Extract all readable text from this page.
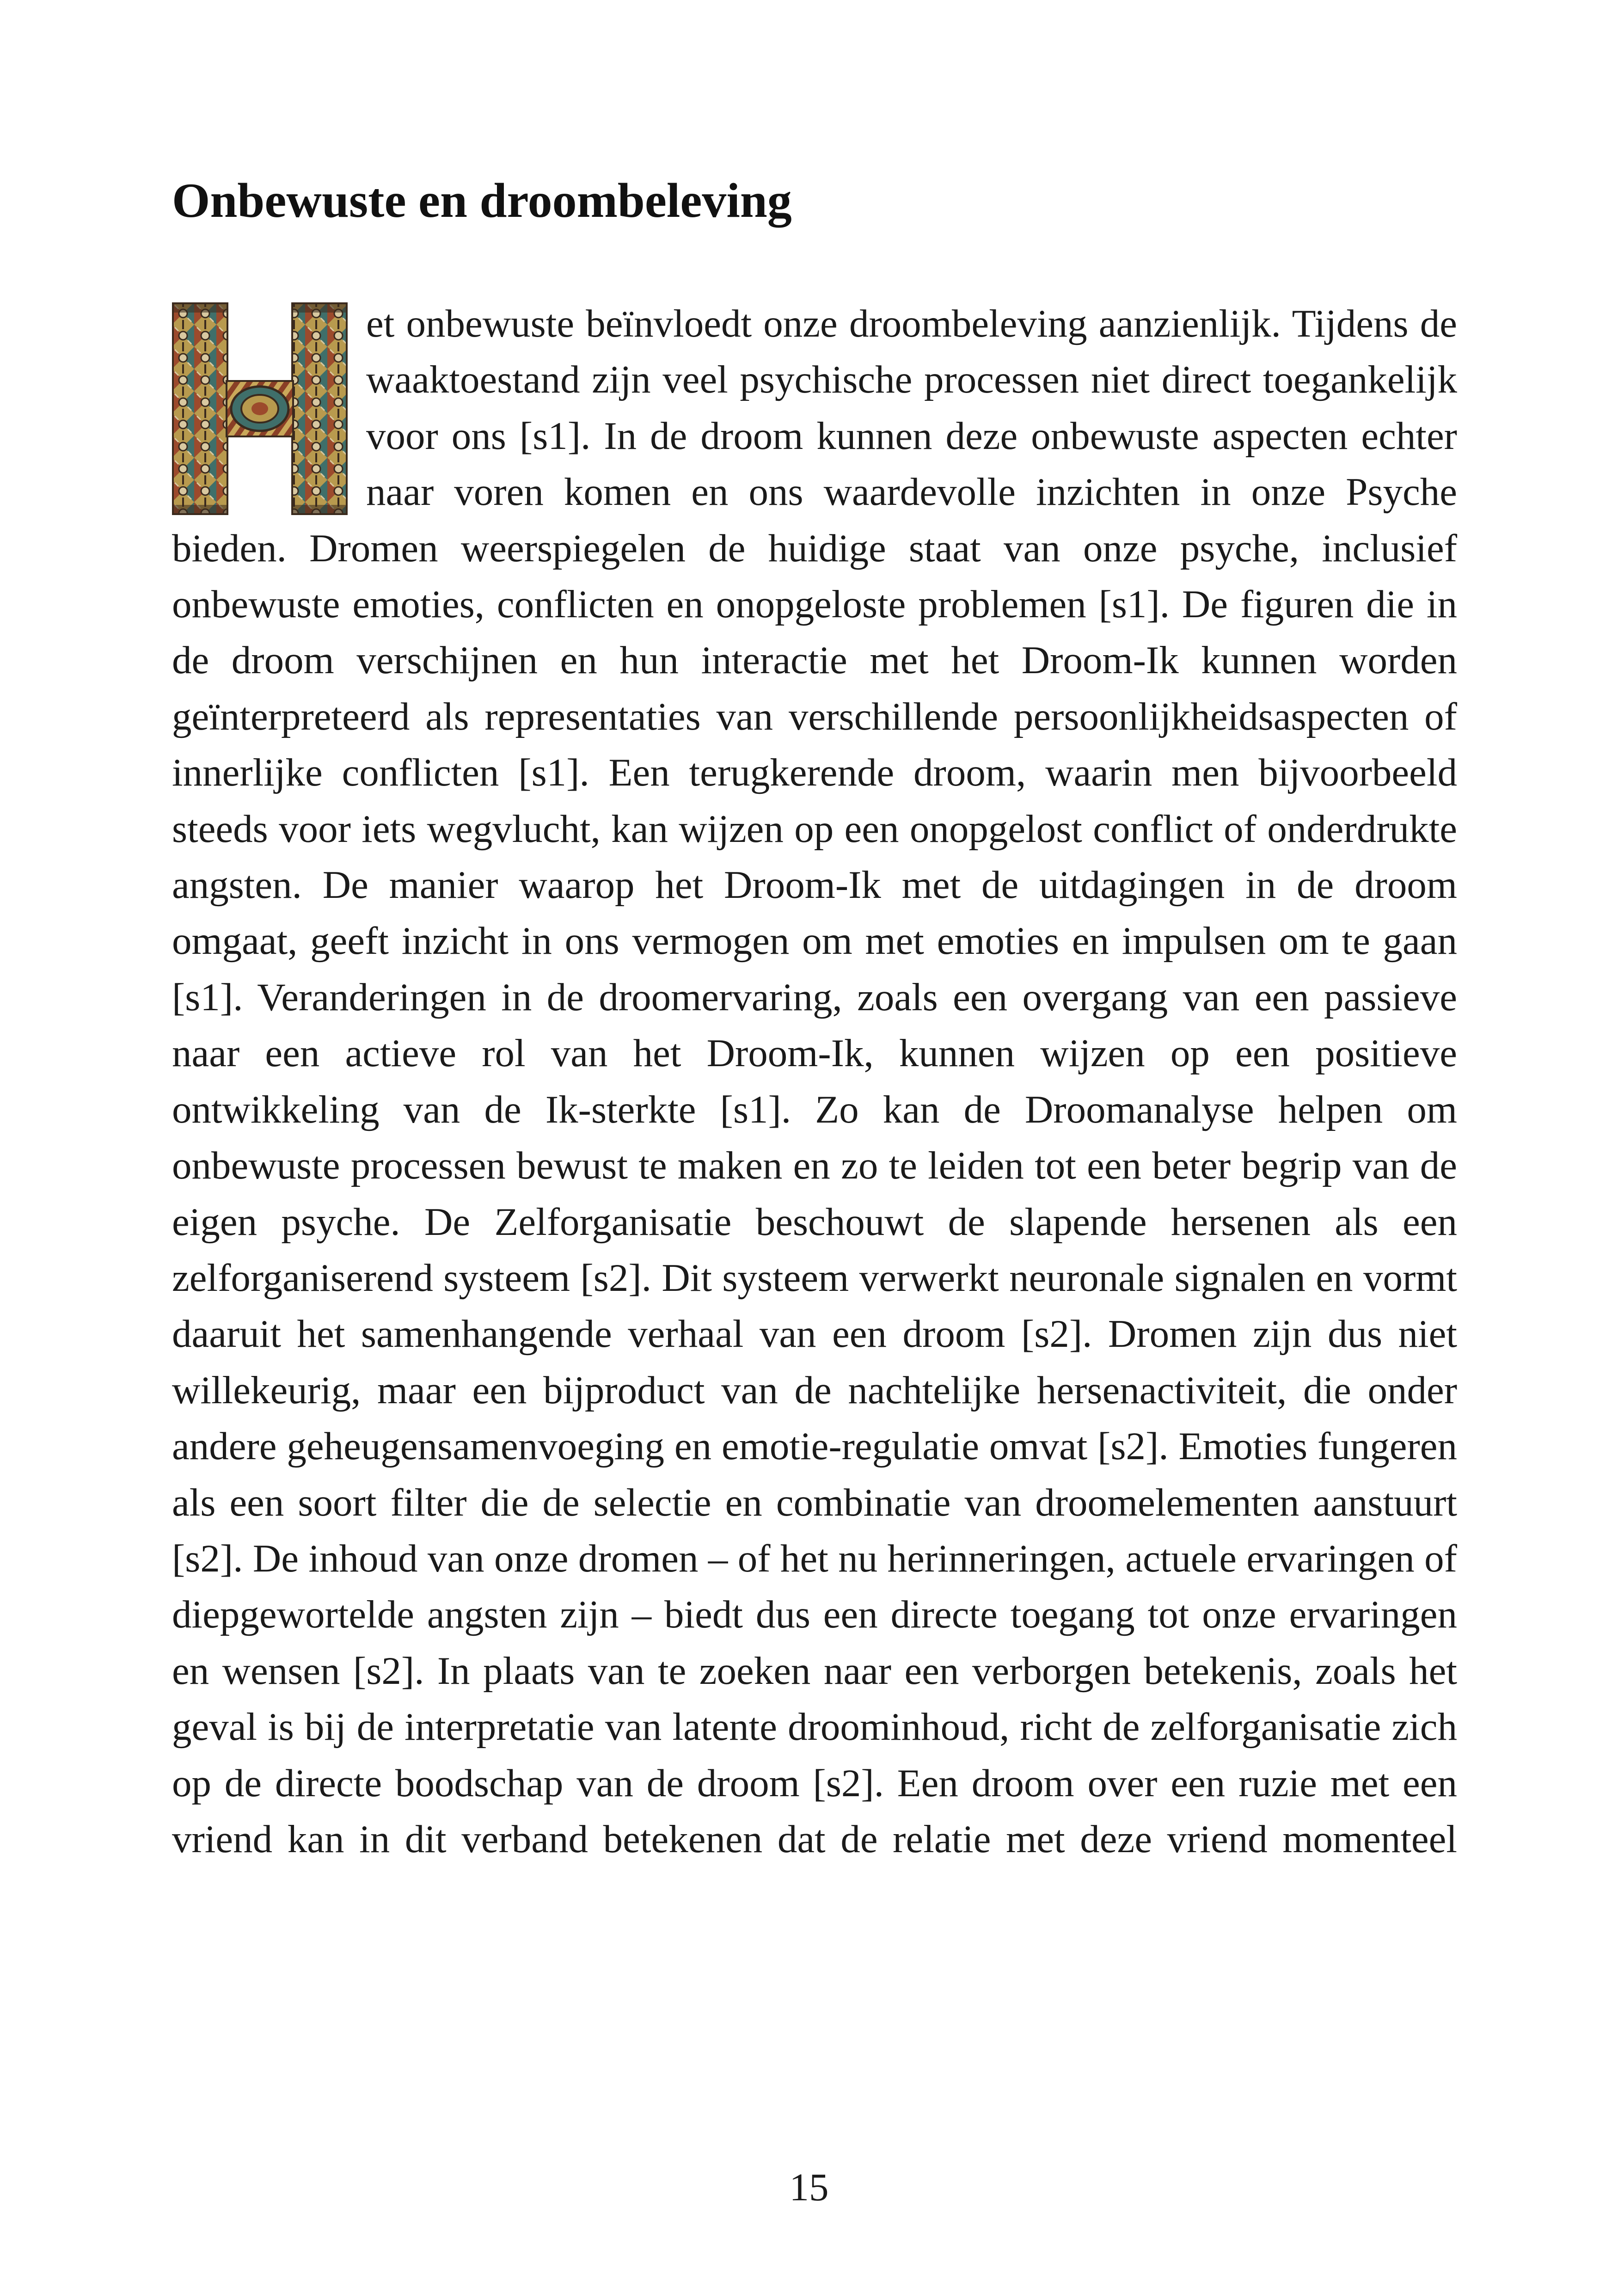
Onbewuste en droombeleving
et onbewuste beïnvloedt onze droombeleving aanzienlijk. Tijdens de waaktoestand zijn veel psychische processen niet direct toegankelijk voor ons [s1]. In de droom kunnen deze onbewuste aspecten echter naar voren komen en ons waardevolle inzichten in onze Psyche bieden. Dromen weerspiegelen de huidige staat van onze psyche, inclusief onbewuste emoties, conflicten en onopgeloste problemen [s1]. De figuren die in de droom verschijnen en hun interactie met het Droom-Ik kunnen worden geïnterpreteerd als representaties van verschillende persoonlijkheidsaspecten of innerlijke conflicten [s1]. Een terugkerende droom, waarin men bijvoorbeeld steeds voor iets wegvlucht, kan wijzen op een onopgelost conflict of onderdrukte angsten. De manier waarop het Droom-Ik met de uitdagingen in de droom omgaat, geeft inzicht in ons vermogen om met emoties en impulsen om te gaan [s1]. Veranderingen in de droomervaring, zoals een overgang van een passieve naar een actieve rol van het Droom-Ik, kunnen wijzen op een positieve ontwikkeling van de Ik-sterkte [s1]. Zo kan de Droomanalyse helpen om onbewuste processen bewust te maken en zo te leiden tot een beter begrip van de eigen psyche. De Zelforganisatie beschouwt de slapende hersenen als een zelforganiserend systeem [s2]. Dit systeem verwerkt neuronale signalen en vormt daaruit het samenhangende verhaal van een droom [s2]. Dromen zijn dus niet willekeurig, maar een bijproduct van de nachtelijke hersenactiviteit, die onder andere geheugensamenvoeging en emotie-regulatie omvat [s2]. Emoties fungeren als een soort filter die de selectie en combinatie van droomelementen aanstuurt [s2]. De inhoud van onze dromen – of het nu herinneringen, actuele ervaringen of diepgewortelde angsten zijn – biedt dus een directe toegang tot onze ervaringen en wensen [s2]. In plaats van te zoeken naar een verborgen betekenis, zoals het geval is bij de interpretatie van latente droominhoud, richt de zelforganisatie zich op de directe boodschap van de droom [s2]. Een droom over een ruzie met een vriend kan in dit verband betekenen dat de relatie met deze vriend momenteel
15
